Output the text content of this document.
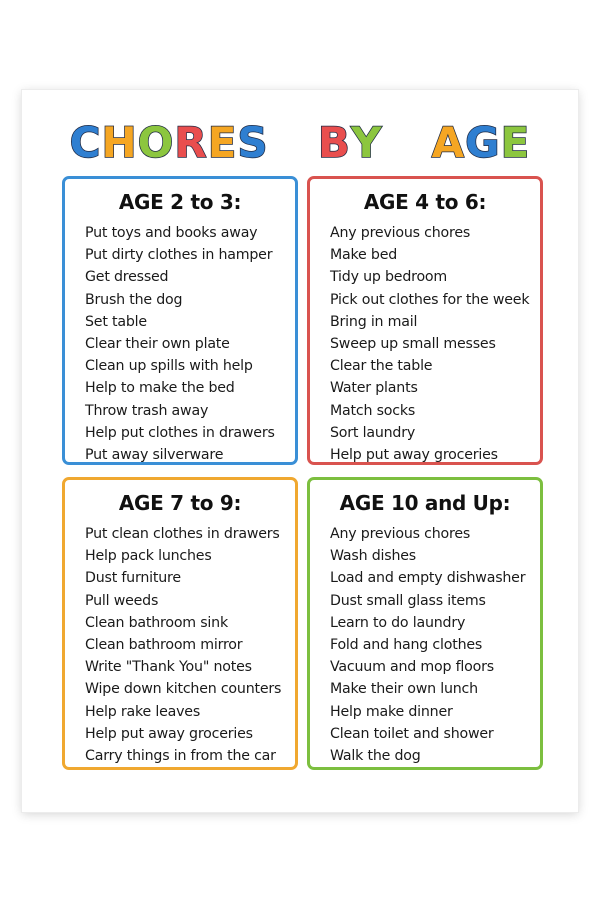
CHORES BY AGE
AGE 2 to 3:
Put toys and books away
Put dirty clothes in hamper
Get dressed
Brush the dog
Set table
Clear their own plate
Clean up spills with help
Help to make the bed
Throw trash away
Help put clothes in drawers
Put away silverware
AGE 4 to 6:
Any previous chores
Make bed
Tidy up bedroom
Pick out clothes for the week
Bring in mail
Sweep up small messes
Clear the table
Water plants
Match socks
Sort laundry
Help put away groceries
AGE 7 to 9:
Put clean clothes in drawers
Help pack lunches
Dust furniture
Pull weeds
Clean bathroom sink
Clean bathroom mirror
Write "Thank You" notes
Wipe down kitchen counters
Help rake leaves
Help put away groceries
Carry things in from the car
AGE 10 and Up:
Any previous chores
Wash dishes
Load and empty dishwasher
Dust small glass items
Learn to do laundry
Fold and hang clothes
Vacuum and mop floors
Make their own lunch
Help make dinner
Clean toilet and shower
Walk the dog
